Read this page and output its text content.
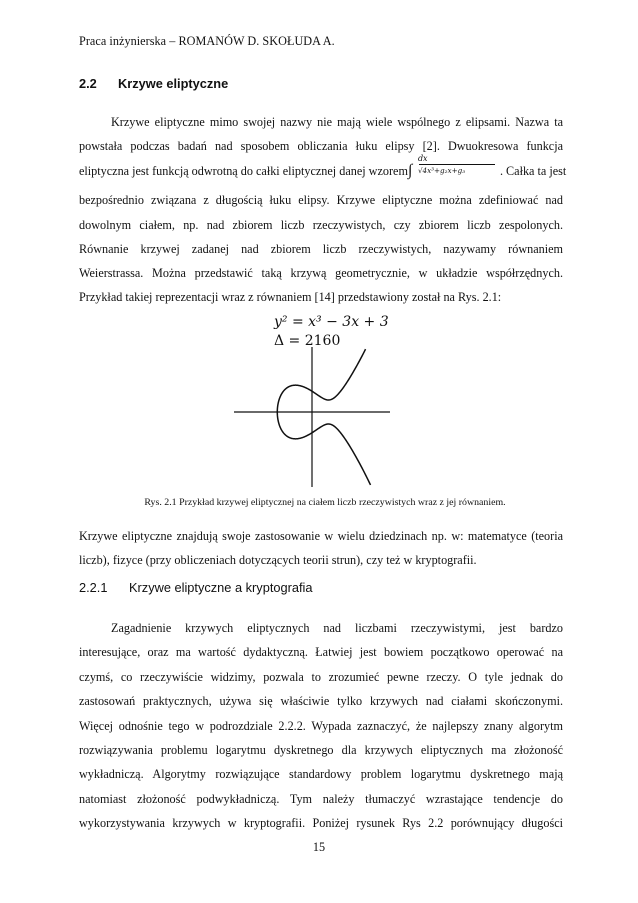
Praca inżynierska – ROMANÓW D. SKOŁUDA A.
2.2 Krzywe eliptyczne
Krzywe eliptyczne mimo swojej nazwy nie mają wiele wspólnego z elipsami. Nazwa ta
powstała podczas badań nad sposobem obliczania łuku elipsy [2]. Dwuokresowa funkcja
eliptyczna jest funkcją odwrotną do całki eliptycznej danej wzorem ∫
dx
√4x³+g₂x+g₃	. Całka ta jest
bezpośrednio związana z długością łuku elipsy. Krzywe eliptyczne można zdefiniować nad
dowolnym ciałem, np. nad zbiorem liczb rzeczywistych, czy zbiorem liczb zespolonych.
Równanie krzywej zadanej nad zbiorem liczb rzeczywistych, nazywamy równaniem
Weierstrassa. Można przedstawić taką krzywą geometrycznie, w układzie współrzędnych.
Przykład takiej reprezentacji wraz z równaniem [14] przedstawiony został na Rys. 2.1:
y² = x³ − 3x + 3
Δ = 2160
Rys. 2.1 Przykład krzywej eliptycznej na ciałem liczb rzeczywistych wraz z jej równaniem.
Krzywe eliptyczne znajdują swoje zastosowanie w wielu dziedzinach np. w: matematyce (teoria
liczb), fizyce (przy obliczeniach dotyczących teorii strun), czy też w kryptografii.
2.2.1 Krzywe eliptyczne a kryptografia
Zagadnienie krzywych eliptycznych nad liczbami rzeczywistymi, jest bardzo
interesujące, oraz ma wartość dydaktyczną. Łatwiej jest bowiem początkowo operować na
czymś, co rzeczywiście widzimy, pozwala to zrozumieć pewne rzeczy. O tyle jednak do
zastosowań praktycznych, używa się właściwie tylko krzywych nad ciałami skończonymi.
Więcej odnośnie tego w podrozdziale 2.2.2. Wypada zaznaczyć, że najlepszy znany algorytm
rozwiązywania problemu logarytmu dyskretnego dla krzywych eliptycznych ma złożoność
wykładniczą. Algorytmy rozwiązujące standardowy problem logarytmu dyskretnego mają
natomiast złożoność podwykładniczą. Tym należy tłumaczyć wzrastające tendencje do
wykorzystywania krzywych w kryptografii. Poniżej rysunek Rys 2.2 porównujący długości
15
